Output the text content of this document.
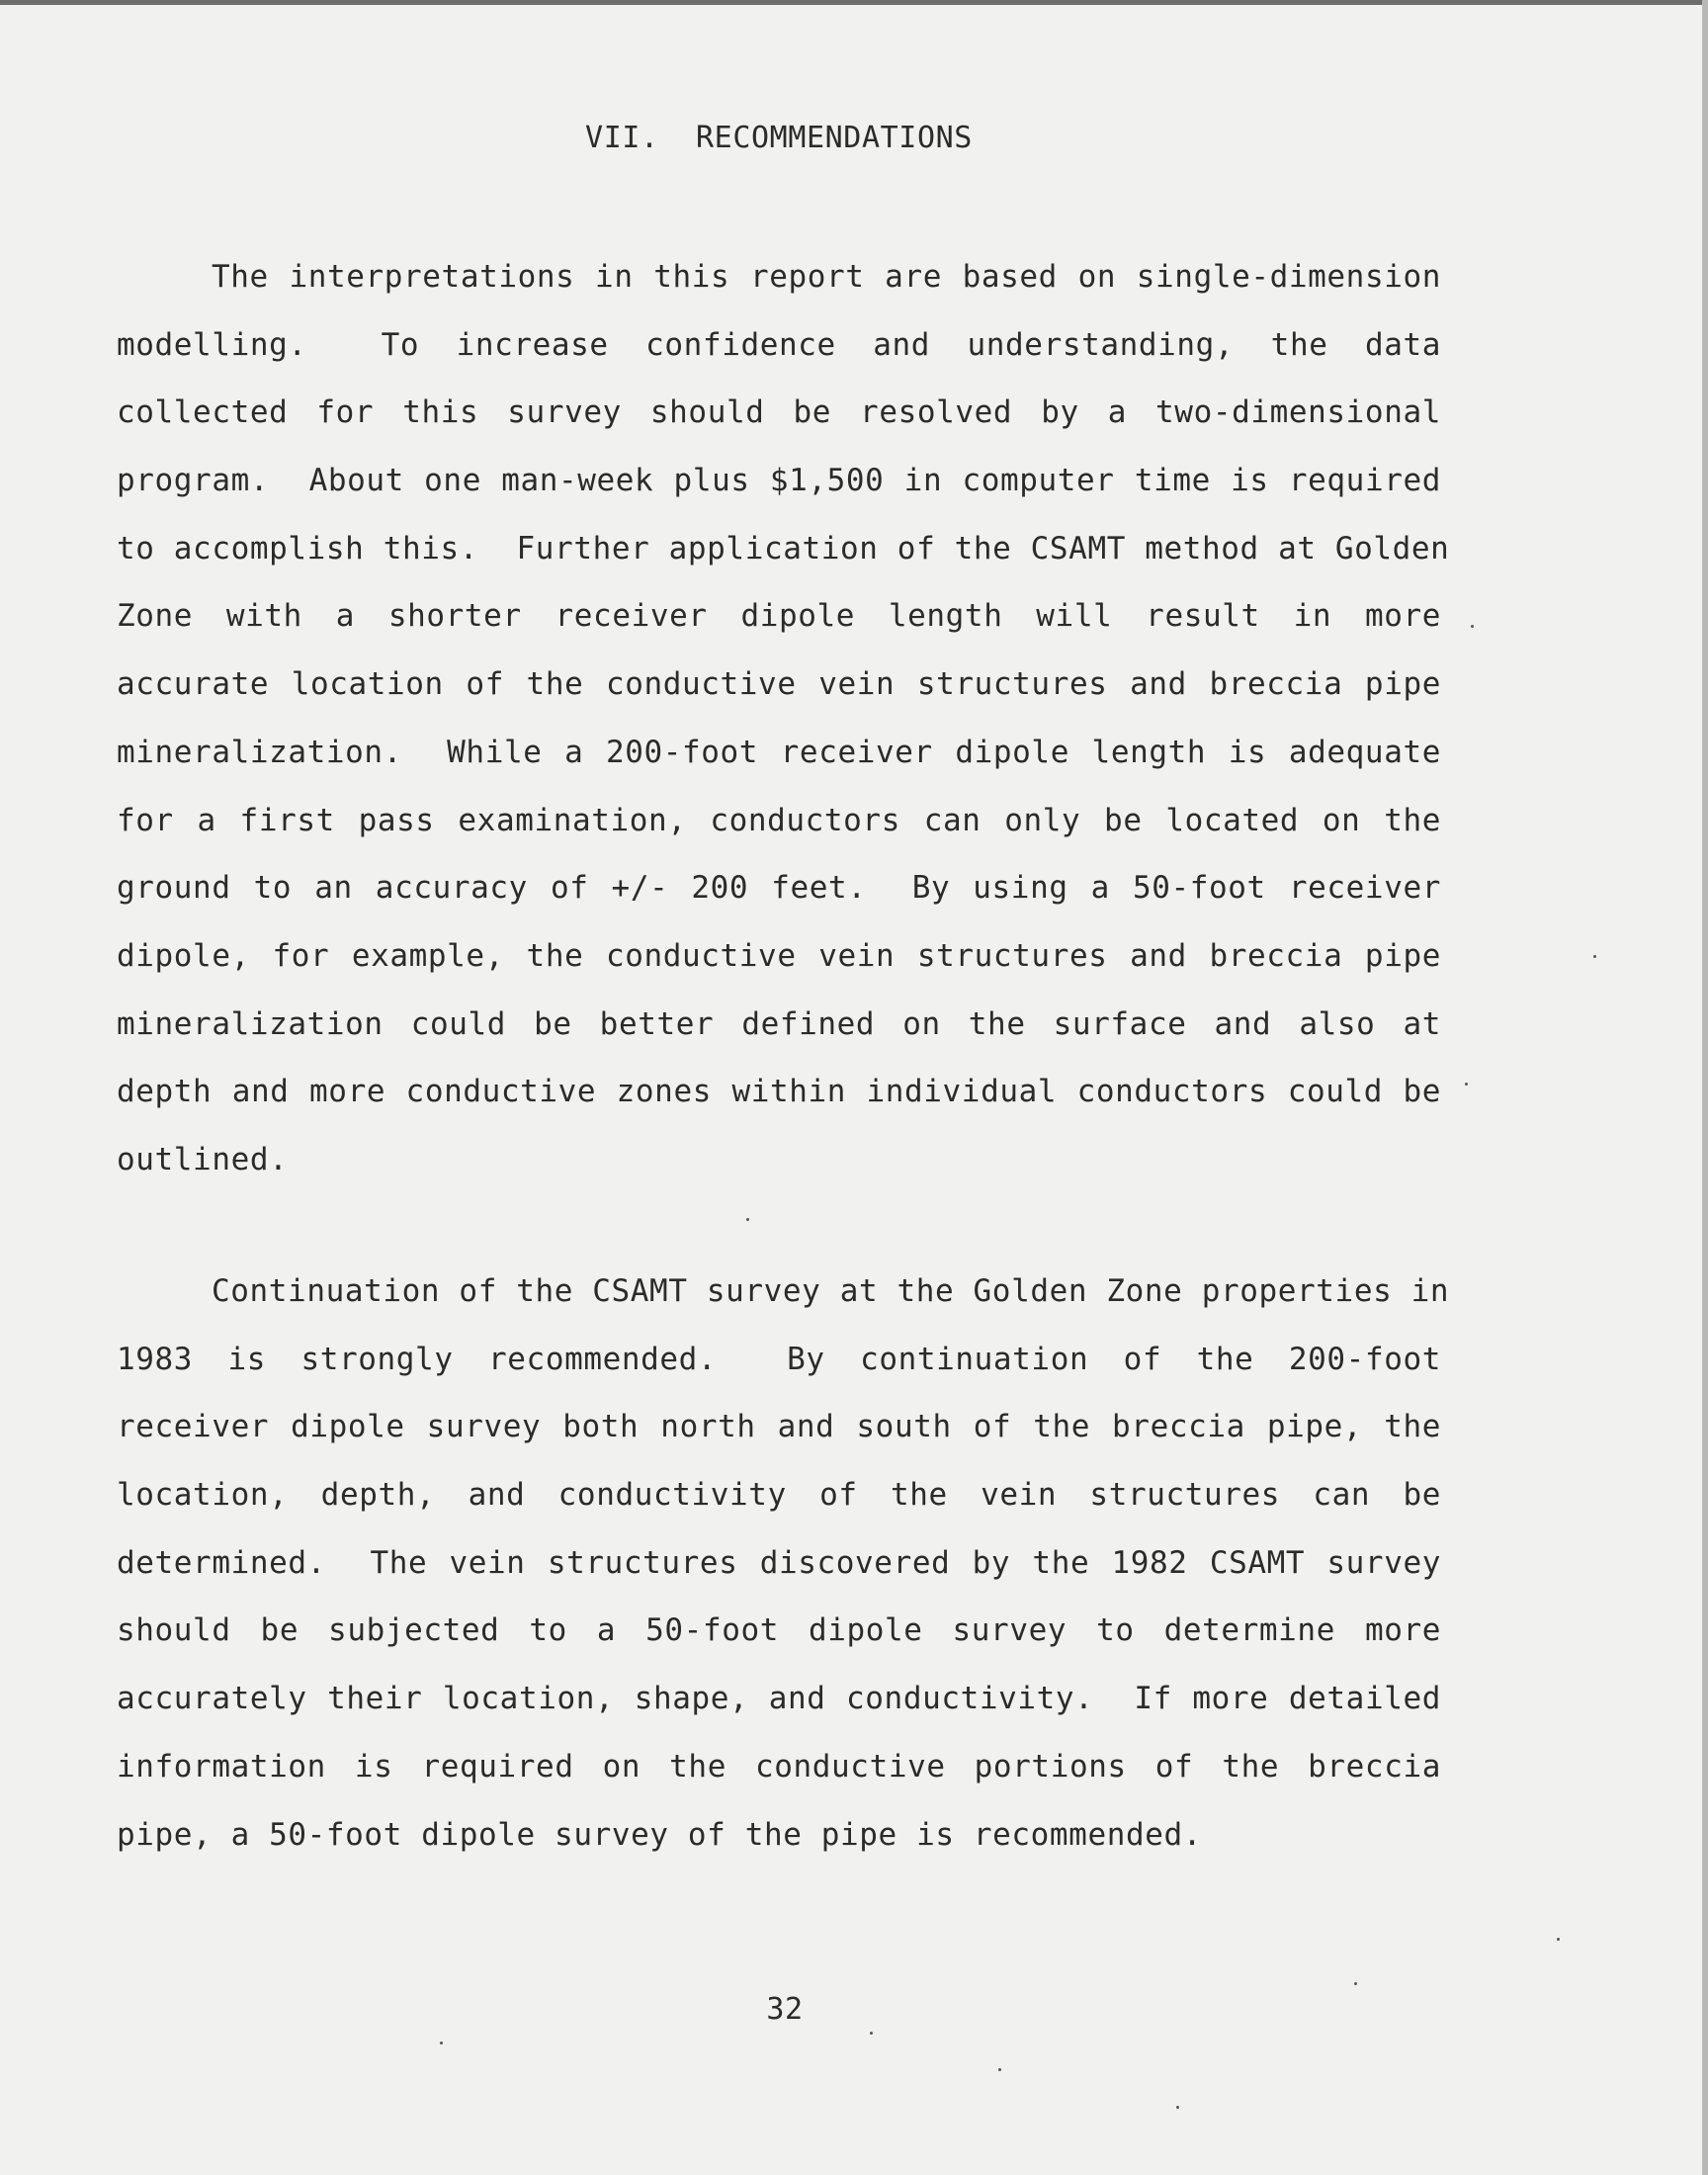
VII.  RECOMMENDATIONS
The interpretations in this report are based on single-dimension
modelling.  To increase confidence and understanding, the data
collected for this survey should be resolved by a two-dimensional
program.  About one man-week plus $1,500 in computer time is required
to accomplish this.  Further application of the CSAMT method at Golden
Zone with a shorter receiver dipole length will result in more
accurate location of the conductive vein structures and breccia pipe
mineralization.  While a 200-foot receiver dipole length is adequate
for a first pass examination, conductors can only be located on the
ground to an accuracy of +/- 200 feet.  By using a 50-foot receiver
dipole, for example, the conductive vein structures and breccia pipe
mineralization could be better defined on the surface and also at
depth and more conductive zones within individual conductors could be
outlined.
Continuation of the CSAMT survey at the Golden Zone properties in
1983 is strongly recommended.  By continuation of the 200-foot
receiver dipole survey both north and south of the breccia pipe, the
location, depth, and conductivity of the vein structures can be
determined.  The vein structures discovered by the 1982 CSAMT survey
should be subjected to a 50-foot dipole survey to determine more
accurately their location, shape, and conductivity.  If more detailed
information is required on the conductive portions of the breccia
pipe, a 50-foot dipole survey of the pipe is recommended.
32
